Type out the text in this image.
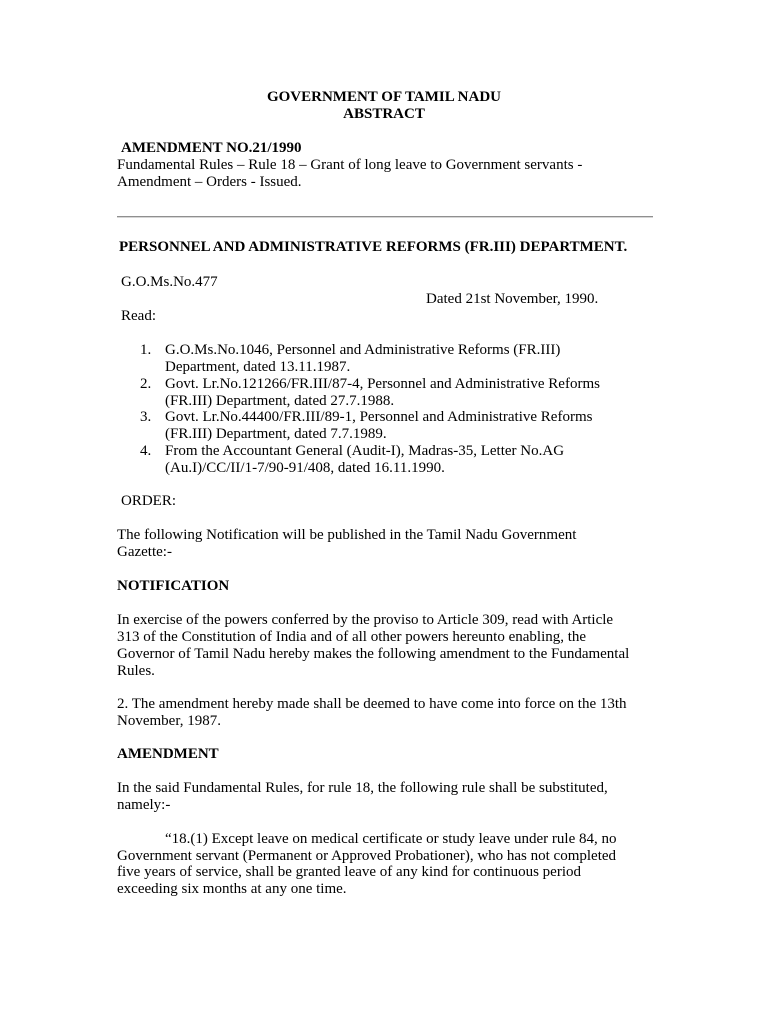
GOVERNMENT OF TAMIL NADU
ABSTRACT
AMENDMENT NO.21/1990
Fundamental Rules – Rule 18 – Grant of long leave to Government servants -
Amendment – Orders - Issued.
PERSONNEL AND ADMINISTRATIVE REFORMS (FR.III) DEPARTMENT.
G.O.Ms.No.477
Dated 21st November, 1990.
Read:
1. G.O.Ms.No.1046, Personnel and Administrative Reforms (FR.III)
Department, dated 13.11.1987.
2. Govt. Lr.No.121266/FR.III/87-4, Personnel and Administrative Reforms
(FR.III) Department, dated 27.7.1988.
3. Govt. Lr.No.44400/FR.III/89-1, Personnel and Administrative Reforms
(FR.III) Department, dated 7.7.1989.
4. From the Accountant General (Audit-I), Madras-35, Letter No.AG
(Au.I)/CC/II/1-7/90-91/408, dated 16.11.1990.
ORDER:
The following Notification will be published in the Tamil Nadu Government
Gazette:-
NOTIFICATION
In exercise of the powers conferred by the proviso to Article 309, read with Article
313 of the Constitution of India and of all other powers hereunto enabling, the
Governor of Tamil Nadu hereby makes the following amendment to the Fundamental
Rules.
2. The amendment hereby made shall be deemed to have come into force on the 13th
November, 1987.
AMENDMENT
In the said Fundamental Rules, for rule 18, the following rule shall be substituted,
namely:-
“18.(1) Except leave on medical certificate or study leave under rule 84, no
Government servant (Permanent or Approved Probationer), who has not completed
five years of service, shall be granted leave of any kind for continuous period
exceeding six months at any one time.
